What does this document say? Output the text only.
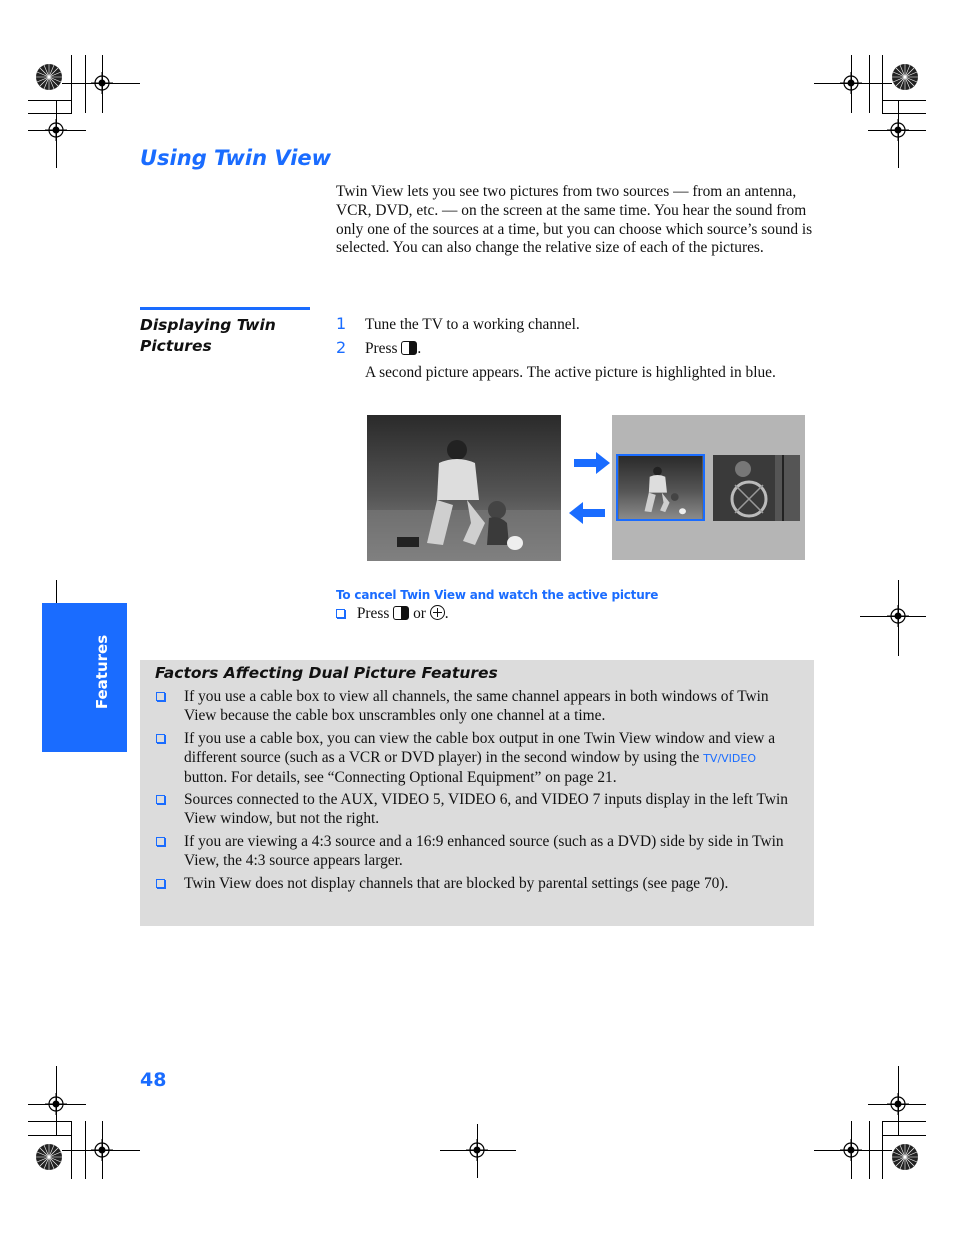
Using Twin View
Twin View lets you see two pictures from two sources — from an antenna, VCR, DVD, etc. — on the screen at the same time. You hear the sound from only one of the sources at a time, but you can choose which source’s sound is selected. You can also change the relative size of each of the pictures.
Displaying Twin Pictures
1 Tune the TV to a working channel.
2 Press .
A second picture appears. The active picture is highlighted in blue.
To cancel Twin View and watch the active picture
Press or .
Features	Factors Affecting Dual Picture Features
If you use a cable box to view all channels, the same channel appears in both windows of Twin View because the cable box unscrambles only one channel at a time.
If you use a cable box, you can view the cable box output in one Twin View window and view a different source (such as a VCR or DVD player) in the second window by using the TV/VIDEO button. For details, see “Connecting Optional Equipment” on page 21.
Sources connected to the AUX, VIDEO 5, VIDEO 6, and VIDEO 7 inputs display in the left Twin View window, but not the right.
If you are viewing a 4:3 source and a 16:9 enhanced source (such as a DVD) side by side in Twin View, the 4:3 source appears larger.
Twin View does not display channels that are blocked by parental settings (see page 70).
48
